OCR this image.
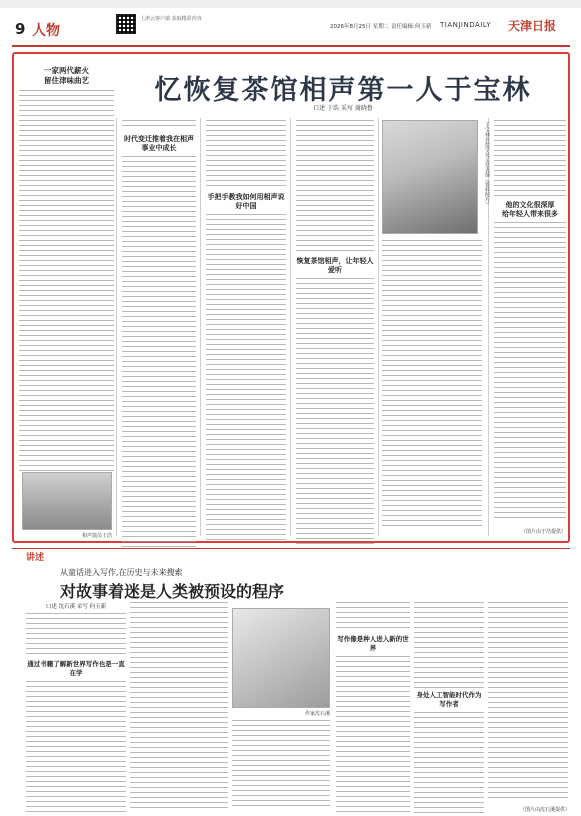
9 人物
上津云客户端 获取精彩内容
2026年8月25日 星期二 责任编辑:何玉新 TIANJINDAILY 天津日报
一家两代薪火
留住津味曲艺
相声演员于浩
忆恢复茶馆相声第一人于宝林
口述 于浩 采写 谢晓鲁
时代变迁推着我在相声事业中成长
手把手教我如何用相声说好中国
恢复茶馆相声，让年轻人爱听
于宝林在给学员示范表演（资料照片）	他的文化很深厚
给年轻人带来很多
（图片由于浩提供）
讲述
从童话进入写作,在历史与未来搜索
对故事着迷是人类被预设的程序
口述 沈石溪 采写 何玉新
通过书籍了解新世界写作也是一直在学
作家沈石溪
写作像是种人进入新的世界
身处人工智能时代作为写作者
（图片由沈石溪提供）
